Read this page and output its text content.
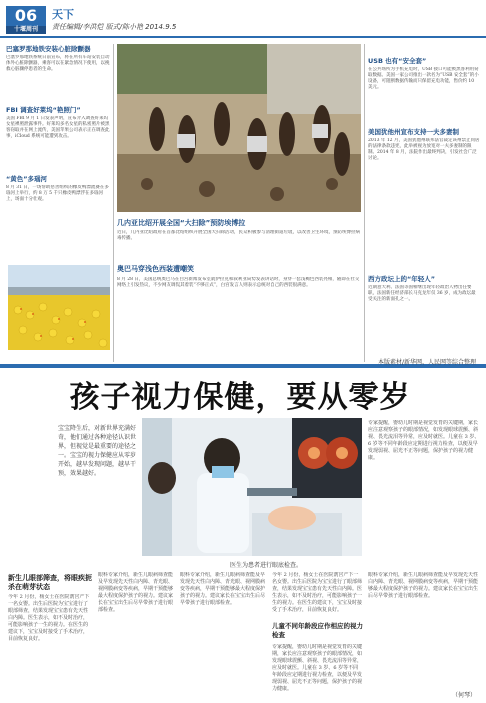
06
十堰周刊
天下
责任编辑/李洪恺 版式/陈小艳 2014.9.5
巴塞罗那地铁安装心脏除颤器
巴塞罗那地铁系统日前宣布，将在所有车站安装自动体外心脏除颤器，乘客可以在紧急情况下使用，以挽救心脏骤停患者的生命。
FBI 调查好莱坞“艳照门”
美国 FBI 9 月 1 日发表声明，宣布介入调查好莱坞女星裸照泄露事件。好莱坞多名女星的私密照片被黑客窃取并在网上流传，美国苹果公司表示正在调查此事，iCloud 系统可能遭到攻击。
“黄色”多瑙河
8 月 31 日，一场帮助慈善组织的橡皮鸭漂流赛在多瑙河上举行，约 8 万 5 千只橡皮鸭漂浮在多瑙河上，场面十分壮观。
几内亚比绍开展全国“大扫除”预防埃博拉
近日，几内亚比绍政府在首都比绍组织开展全国大扫除活动，民众积极参与清理街道垃圾，以改善卫生环境，预防埃博拉病毒传播。
奥巴马穿浅色西装遭嘲笑
8 月 28 日，美国总统奥巴马在白宫新闻发布室就伊拉克和叙利亚局势发表讲话时，身穿一套浅褐色西装亮相，随即在社交网络上引发热议，不少网友调侃其着装“不够正式”，白宫发言人则表示总统对自己的西装很满意。
USB 也有“安全套”
在公共场所为手机充电时，USB 接口可能被黑客利用窃取数据。美国一家公司推出一款名为“USB 安全套”的小设备，可阻断数据传输而只保留充电功能，售价约 10 美元。
美国犹他州宣布支持一夫多妻制
2013 年 12 月，美国犹他州联邦法官裁定该州禁止同居的法律条款违宪，此举被视为放宽对一夫多妻制的限制。2014 年 8 月，法院作出最终判决，引发社会广泛讨论。
西方政坛上的“年轻人”
近期意大利、法国等国相继出现年轻政治人物出任要职，法国新任经济部长马克龙年仅 36 岁，成为政坛最受关注的新面孔之一。
本版素材/新华网、人民网等综合整理
孩子视力保健，要从零岁
宝宝降生后，对新世界充满好奇，他们通过各种途径认识世界，但视觉是最重要的途径之一。宝宝的视力保健应从零岁开始，越早发现问题，越早干预，效果越好。
医生为患者进行眼底检查。
专家提醒，婴幼儿时期是视觉发育的关键期，家长应注意观察孩子的眼部情况，如发现眼球震颤、斜视、畏光流泪等异常，应及时就医。儿童在 3 岁、6 岁等不同年龄段应定期进行视力检查，以便及早发现弱视、屈光不正等问题，保护孩子的视力健康。
新生儿眼部筛查，将眼疾扼杀在萌芽状态
今年 2 月份，杨女士在医院剖宫产下一名女婴。出生后医院为宝宝进行了眼部筛查，结果发现宝宝患有先天性白内障。医生表示，如不及时治疗，可能影响孩子一生的视力。在医生的建议下，宝宝及时接受了手术治疗，目前恢复良好。
眼科专家介绍，新生儿眼病筛查能及早发现先天性白内障、青光眼、视网膜病变等疾病，早期干预能够最大程度保护孩子的视力。建议家长在宝宝出生后尽早带孩子进行眼部检查。
眼科专家介绍，新生儿眼病筛查能及早发现先天性白内障、青光眼、视网膜病变等疾病，早期干预能够最大程度保护孩子的视力。建议家长在宝宝出生后尽早带孩子进行眼部检查。
今年 2 月份，杨女士在医院剖宫产下一名女婴。出生后医院为宝宝进行了眼部筛查，结果发现宝宝患有先天性白内障。医生表示，如不及时治疗，可能影响孩子一生的视力。在医生的建议下，宝宝及时接受了手术治疗，目前恢复良好。
儿童不同年龄段应作相应的视力检查
专家提醒，婴幼儿时期是视觉发育的关键期，家长应注意观察孩子的眼部情况，如发现眼球震颤、斜视、畏光流泪等异常，应及时就医。儿童在 3 岁、6 岁等不同年龄段应定期进行视力检查，以便及早发现弱视、屈光不正等问题，保护孩子的视力健康。
眼科专家介绍，新生儿眼病筛查能及早发现先天性白内障、青光眼、视网膜病变等疾病，早期干预能够最大程度保护孩子的视力。建议家长在宝宝出生后尽早带孩子进行眼部检查。
（何琴）
